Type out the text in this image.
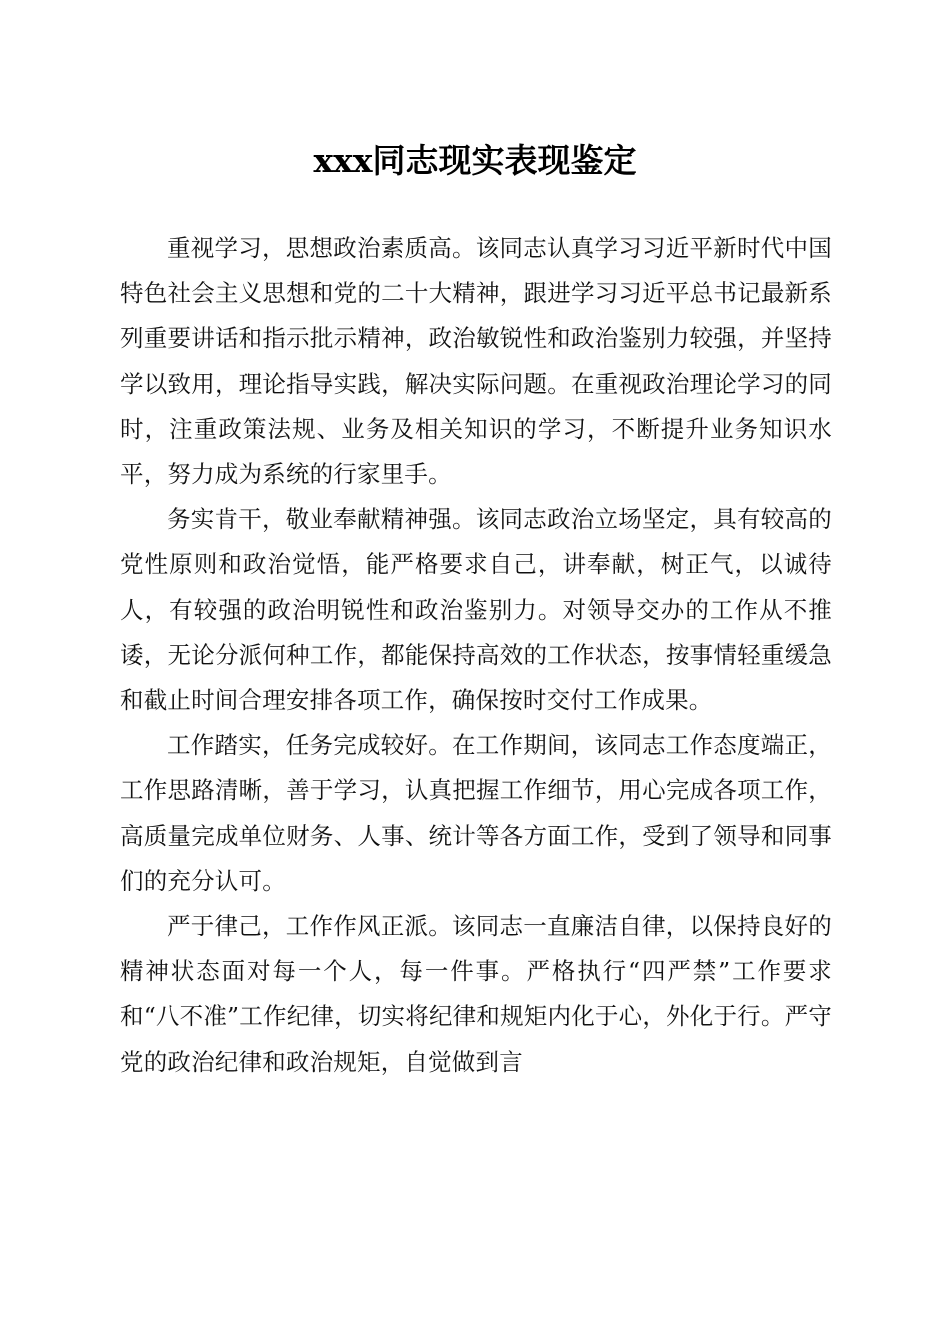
xxx同志现实表现鉴定

重视学习，思想政治素质高。该同志认真学习习近平新时代中国特色社会主义思想和党的二十大精神，跟进学习习近平总书记最新系列重要讲话和指示批示精神，政治敏锐性和政治鉴别力较强，并坚持学以致用，理论指导实践，解决实际问题。在重视政治理论学习的同时，注重政策法规、业务及相关知识的学习，不断提升业务知识水平，努力成为系统的行家里手。

务实肯干，敬业奉献精神强。该同志政治立场坚定，具有较高的党性原则和政治觉悟，能严格要求自己，讲奉献，树正气，以诚待人，有较强的政治明锐性和政治鉴别力。对领导交办的工作从不推诿，无论分派何种工作，都能保持高效的工作状态，按事情轻重缓急和截止时间合理安排各项工作，确保按时交付工作成果。

工作踏实，任务完成较好。在工作期间，该同志工作态度端正，工作思路清晰，善于学习，认真把握工作细节，用心完成各项工作，高质量完成单位财务、人事、统计等各方面工作，受到了领导和同事们的充分认可。

严于律己，工作作风正派。该同志一直廉洁自律，以保持良好的精神状态面对每一个人，每一件事。严格执行“四严禁”工作要求和“八不准”工作纪律，切实将纪律和规矩内化于心，外化于行。严守党的政治纪律和政治规矩，自觉做到言
